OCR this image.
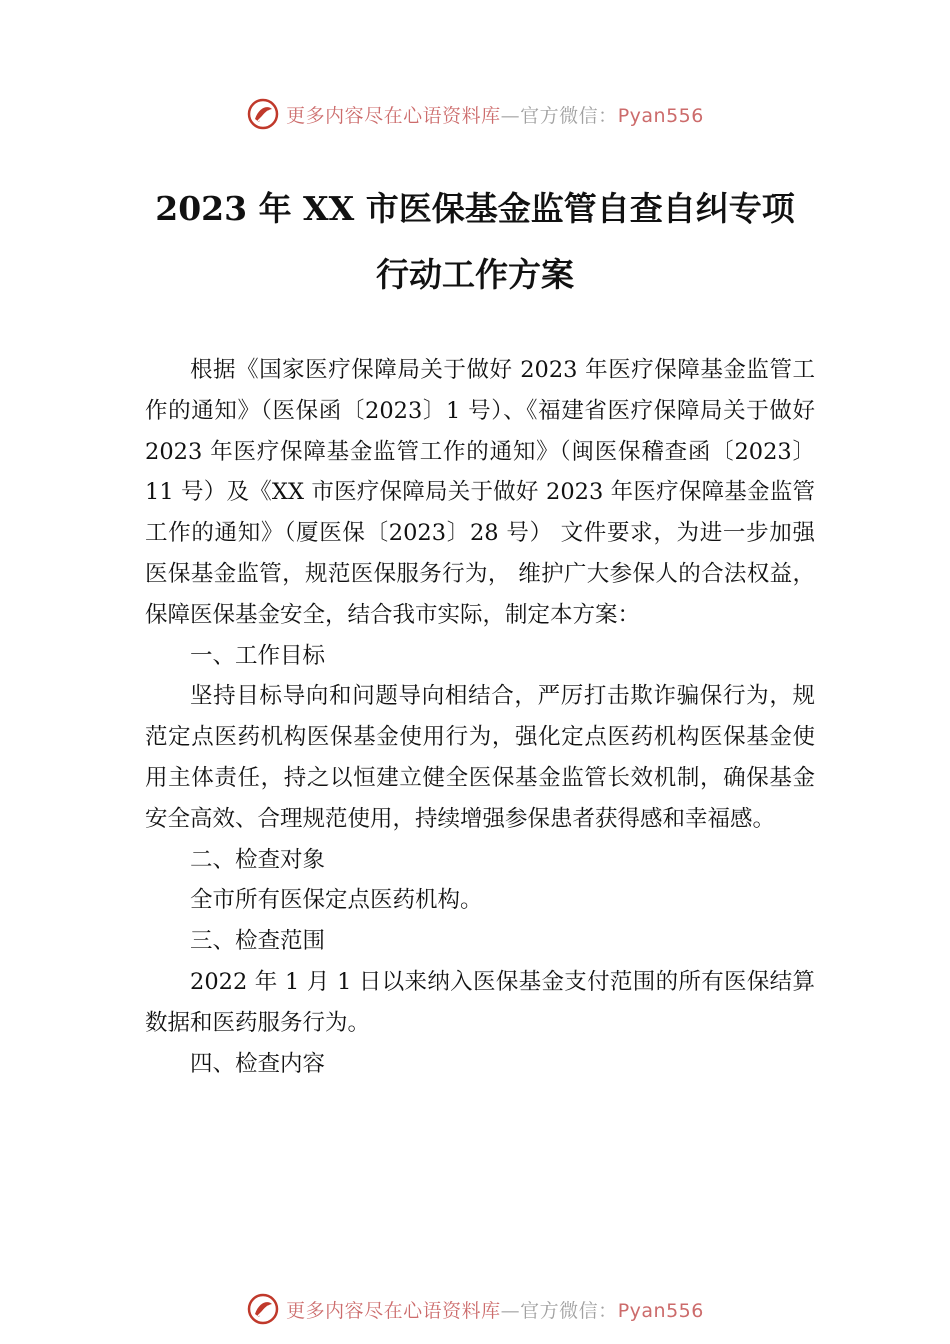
更多内容尽在心语资料库—官方微信：Pyan556
2023 年 XX 市医保基金监管自查自纠专项
行动工作方案

根据《国家医疗保障局关于做好 2023 年医疗保障基金监管工作的通知》（医保函〔2023〕1 号）、《福建省医疗保障局关于做好 2023 年医疗保障基金监管工作的通知》（闽医保稽查函〔2023〕11 号）及《XX 市医疗保障局关于做好 2023 年医疗保障基金监管工作的通知》（厦医保〔2023〕28 号） 文件要求，为进一步加强医保基金监管，规范医保服务行为， 维护广大参保人的合法权益，保障医保基金安全，结合我市实际，制定本方案：

一、工作目标

坚持目标导向和问题导向相结合，严厉打击欺诈骗保行为，规范定点医药机构医保基金使用行为，强化定点医药机构医保基金使用主体责任，持之以恒建立健全医保基金监管长效机制，确保基金安全高效、合理规范使用，持续增强参保患者获得感和幸福感。

二、检查对象

全市所有医保定点医药机构。

三、检查范围

2022 年 1 月 1 日以来纳入医保基金支付范围的所有医保结算数据和医药服务行为。

四、检查内容

更多内容尽在心语资料库—官方微信：Pyan556
